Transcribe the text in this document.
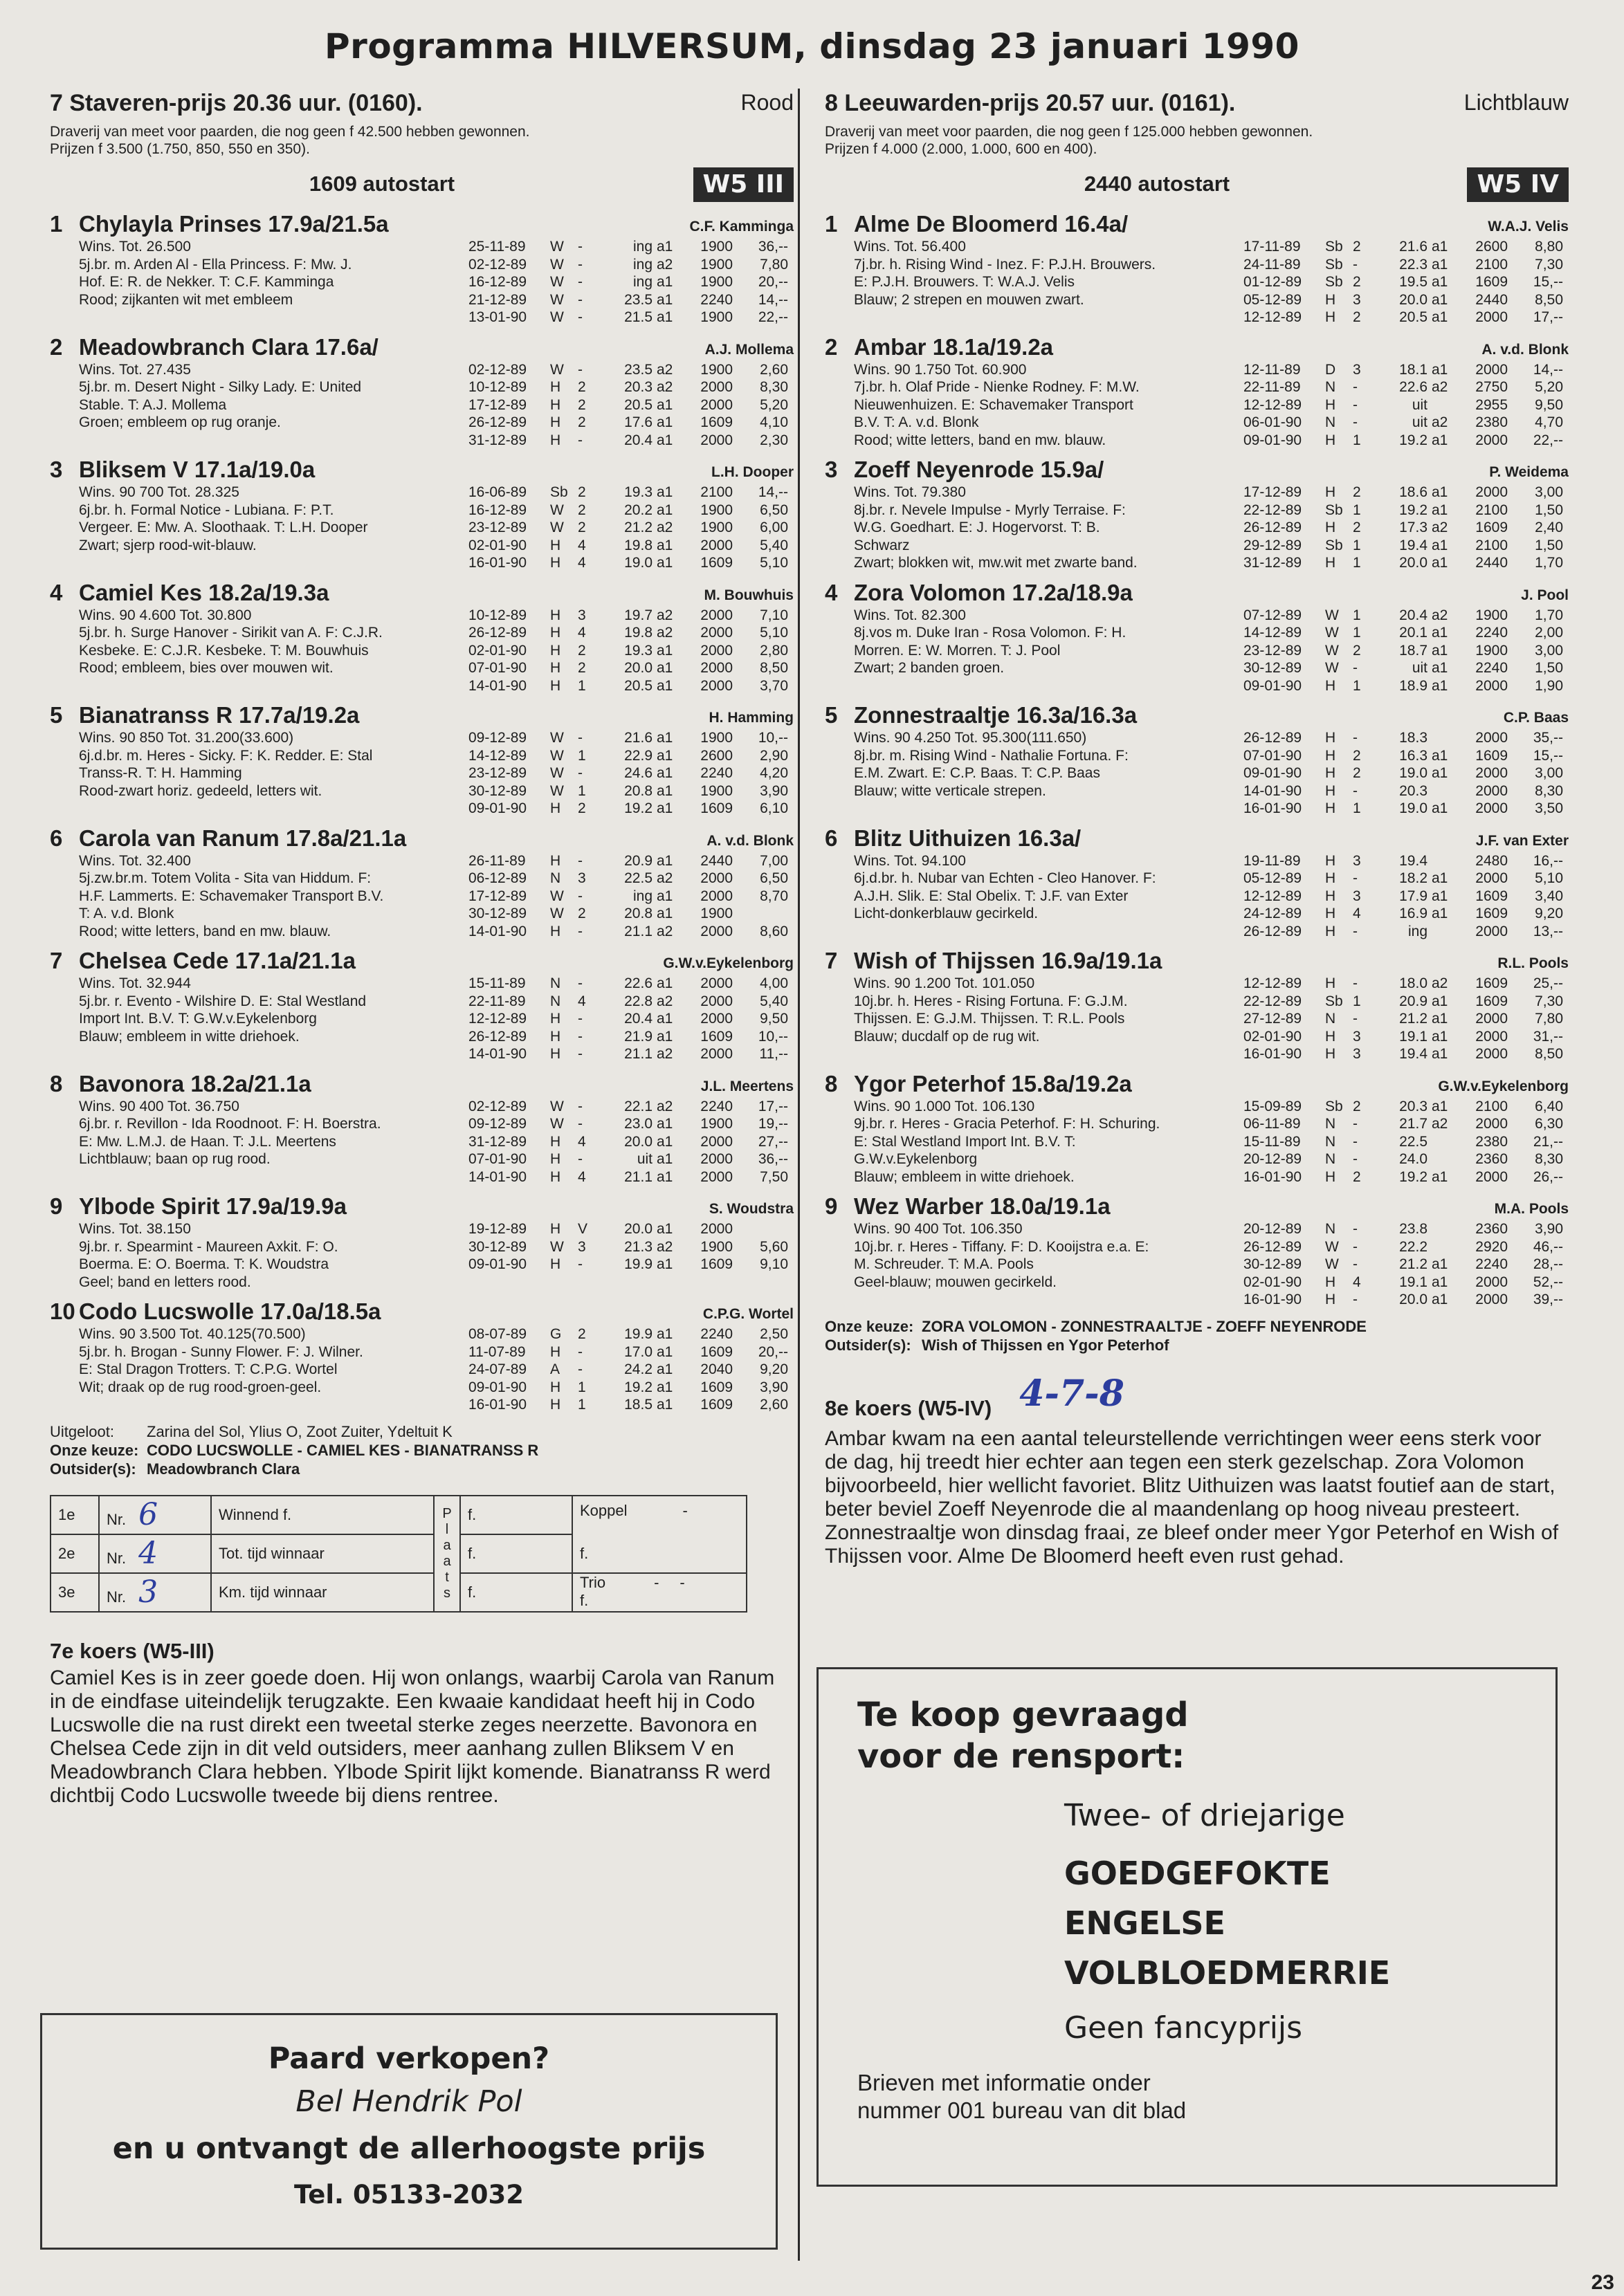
Programma HILVERSUM, dinsdag 23 januari 1990
7 Staveren-prijs 20.36 uur. (0160).	Rood
Draverij van meet voor paarden, die nog geen f 42.500 hebben gewonnen.
Prijzen f 3.500 (1.750, 850, 550 en 350).
1609 autostart	W5 III
1 Chylayla Prinses 17.9a/21.5a	C.F. Kamminga
Wins. Tot. 26.500
5j.br. m. Arden Al - Ella Princess. F: Mw. J.
Hof. E: R. de Nekker. T: C.F. Kamminga
Rood; zijkanten wit met embleem
25-11-89	W -	ing a1	1900	36,--
02-12-89	W -	ing a2	1900	7,80
16-12-89	W -	ing a1	1900	20,--
21-12-89	W -	23.5 a1	2240	14,--
13-01-90	W -	21.5 a1	1900	22,--
2 Meadowbranch Clara 17.6a/	A.J. Mollema
Wins. Tot. 27.435
5j.br. m. Desert Night - Silky Lady. E: United
Stable. T: A.J. Mollema
Groen; embleem op rug oranje.
02-12-89	W -	23.5 a2	1900	2,60
10-12-89	H	2	20.3 a2	2000	8,30
17-12-89	H	2	20.5 a1	2000	5,20
26-12-89	H	2	17.6 a1	1609	4,10
31-12-89	H	-	20.4 a1	2000	2,30
3 Bliksem V 17.1a/19.0a	L.H. Dooper
Wins. 90 700 Tot. 28.325
6j.br. h. Formal Notice - Lubiana. F: P.T.
Vergeer. E: Mw. A. Sloothaak. T: L.H. Dooper
Zwart; sjerp rood-wit-blauw.
16-06-89	Sb 2	19.3 a1	2100	14,--
16-12-89	W 2	20.2 a1	1900	6,50
23-12-89	W 2	21.2 a2	1900	6,00
02-01-90	H	4	19.8 a1	2000	5,40
16-01-90	H	4	19.0 a1	1609	5,10
4 Camiel Kes 18.2a/19.3a	M. Bouwhuis
Wins. 90 4.600 Tot. 30.800
5j.br. h. Surge Hanover - Sirikit van A. F: C.J.R.
Kesbeke. E: C.J.R. Kesbeke. T: M. Bouwhuis
Rood; embleem, bies over mouwen wit.
10-12-89	H	3	19.7 a2	2000	7,10
26-12-89	H	4	19.8 a2	2000	5,10
02-01-90	H	2	19.3 a1	2000	2,80
07-01-90	H	2	20.0 a1	2000	8,50
14-01-90	H	1	20.5 a1	2000	3,70
5 Bianatranss R 17.7a/19.2a	H. Hamming
Wins. 90 850 Tot. 31.200(33.600)
6j.d.br. m. Heres - Sicky. F: K. Redder. E: Stal
Transs-R. T: H. Hamming
Rood-zwart horiz. gedeeld, letters wit.
09-12-89	W -	21.6 a1	1900	10,--
14-12-89	W 1	22.9 a1	2600	2,90
23-12-89	W -	24.6 a1	2240	4,20
30-12-89	W 1	20.8 a1	1900	3,90
09-01-90	H	2	19.2 a1	1609	6,10
6 Carola van Ranum 17.8a/21.1a	A. v.d. Blonk
Wins. Tot. 32.400
5j.zw.br.m. Totem Volita - Sita van Hiddum. F:
H.F. Lammerts. E: Schavemaker Transport B.V.
T: A. v.d. Blonk
Rood; witte letters, band en mw. blauw.
26-11-89	H	-	20.9 a1	2440	7,00
06-12-89	N	3	22.5 a2	2000	6,50
17-12-89	W -	ing a1	2000	8,70
30-12-89	W 2	20.8 a1	1900
14-01-90	H	-	21.1 a2	2000	8,60
7 Chelsea Cede 17.1a/21.1a	G.W.v.Eykelenborg
Wins. Tot. 32.944
5j.br. r. Evento - Wilshire D. E: Stal Westland
Import Int. B.V. T: G.W.v.Eykelenborg
Blauw; embleem in witte driehoek.
15-11-89	N	-	22.6 a1	2000	4,00
22-11-89	N	4	22.8 a2	2000	5,40
12-12-89	H	-	20.4 a1	2000	9,50
26-12-89	H	-	21.9 a1	1609	10,--
14-01-90	H	-	21.1 a2	2000	11,--
8 Bavonora 18.2a/21.1a	J.L. Meertens
Wins. 90 400 Tot. 36.750
6j.br. r. Revillon - Ida Roodnoot. F: H. Boerstra.
E: Mw. L.M.J. de Haan. T: J.L. Meertens
Lichtblauw; baan op rug rood.
02-12-89	W -	22.1 a2	2240	17,--
09-12-89	W -	23.0 a1	1900	19,--
31-12-89	H	4	20.0 a1	2000	27,--
07-01-90	H	-	uit a1	2000	36,--
14-01-90	H	4	21.1 a1	2000	7,50
9 Ylbode Spirit 17.9a/19.9a	S. Woudstra
Wins. Tot. 38.150
9j.br. r. Spearmint - Maureen Axkit. F: O.
Boerma. E: O. Boerma. T: K. Woudstra
Geel; band en letters rood.
19-12-89	H	V	20.0 a1	2000
30-12-89	W 3	21.3 a2	1900	5,60
09-01-90	H	-	19.9 a1	1609	9,10
10 Codo Lucswolle 17.0a/18.5a	C.P.G. Wortel
Wins. 90 3.500 Tot. 40.125(70.500)
5j.br. h. Brogan - Sunny Flower. F: J. Wilner.
E: Stal Dragon Trotters. T: C.P.G. Wortel
Wit; draak op de rug rood-groen-geel.
08-07-89	G	2	19.9 a1	2240	2,50
11-07-89	H	-	17.0 a1	1609	20,--
24-07-89	A	-	24.2 a1	2040	9,20
09-01-90	H	1	19.2 a1	1609	3,90
16-01-90	H	1	18.5 a1	1609	2,60
Uitgeloot: Zarina del Sol, Ylius O, Zoot Zuiter, Ydeltuit K
Onze keuze: CODO LUCSWOLLE - CAMIEL KES - BIANATRANSS R
Outsider(s): Meadowbranch Clara
1e	Nr. 6	Winnend f.	P l a a t s	f.	Koppel -
f.

2e	Nr. 4	Tot. tijd winnaar		f.	
3e	Nr. 3	Km. tijd winnaar		f.	Trio - -
f.
7e koers (W5-III)

Camiel Kes is in zeer goede doen. Hij won onlangs, waarbij Carola van Ranum in de eindfase uiteindelijk terugzakte. Een kwaaie kandidaat heeft hij in Codo Lucswolle die na rust direkt een tweetal sterke zeges neerzette. Bavonora en Chelsea Cede zijn in dit veld outsiders, meer aanhang zullen Bliksem V en Meadowbranch Clara hebben. Ylbode Spirit lijkt komende. Bianatranss R werd dichtbij Codo Lucswolle tweede bij diens rentree.

8 Leeuwarden-prijs 20.57 uur. (0161).	Lichtblauw
Draverij van meet voor paarden, die nog geen f 125.000 hebben gewonnen.
Prijzen f 4.000 (2.000, 1.000, 600 en 400).
2440 autostart	W5 IV
1 Alme De Bloomerd 16.4a/	W.A.J. Velis
Wins. Tot. 56.400
7j.br. h. Rising Wind - Inez. F: P.J.H. Brouwers.
E: P.J.H. Brouwers. T: W.A.J. Velis
Blauw; 2 strepen en mouwen zwart.
17-11-89	Sb 2	21.6 a1	2600	8,80
24-11-89	Sb -	22.3 a1	2100	7,30
01-12-89	Sb 2	19.5 a1	1609	15,--
05-12-89	H	3	20.0 a1	2440	8,50
12-12-89	H	2	20.5 a1	2000	17,--
2 Ambar 18.1a/19.2a	A. v.d. Blonk
Wins. 90 1.750 Tot. 60.900
7j.br. h. Olaf Pride - Nienke Rodney. F: M.W.
Nieuwenhuizen. E: Schavemaker Transport
B.V. T: A. v.d. Blonk
Rood; witte letters, band en mw. blauw.
12-11-89	D	3	18.1 a1	2000	14,--
22-11-89	N	-	22.6 a2	2750	5,20
12-12-89	H	-	uit	2955	9,50
06-01-90	N	-	uit a2	2380	4,70
09-01-90	H	1	19.2 a1	2000	22,--
3 Zoeff Neyenrode 15.9a/	P. Weidema
Wins. Tot. 79.380
8j.br. r. Nevele Impulse - Myrly Terraise. F:
W.G. Goedhart. E: J. Hogervorst. T: B.
Schwarz
Zwart; blokken wit, mw.wit met zwarte band.
17-12-89	H	2	18.6 a1	2000	3,00
22-12-89	Sb 1	19.2 a1	2100	1,50
26-12-89	H	2	17.3 a2	1609	2,40
29-12-89	Sb 1	19.4 a1	2100	1,50
31-12-89	H	1	20.0 a1	2440	1,70
4 Zora Volomon 17.2a/18.9a	J. Pool
Wins. Tot. 82.300
8j.vos m. Duke Iran - Rosa Volomon. F: H.
Morren. E: W. Morren. T: J. Pool
Zwart; 2 banden groen.
07-12-89	W 1	20.4 a2	1900	1,70
14-12-89	W 1	20.1 a1	2240	2,00
23-12-89	W 2	18.7 a1	1900	3,00
30-12-89	W -	uit a1	2240	1,50
09-01-90	H	1	18.9 a1	2000	1,90
5 Zonnestraaltje 16.3a/16.3a	C.P. Baas
Wins. 90 4.250 Tot. 95.300(111.650)
8j.br. m. Rising Wind - Nathalie Fortuna. F:
E.M. Zwart. E: C.P. Baas. T: C.P. Baas
Blauw; witte verticale strepen.
26-12-89	H	-	18.3	2000	35,--
07-01-90	H	2	16.3 a1	1609	15,--
09-01-90	H	2	19.0 a1	2000	3,00
14-01-90	H	-	20.3	2000	8,30
16-01-90	H	1	19.0 a1	2000	3,50
6 Blitz Uithuizen 16.3a/	J.F. van Exter
Wins. Tot. 94.100
6j.d.br. h. Nubar van Echten - Cleo Hanover. F:
A.J.H. Slik. E: Stal Obelix. T: J.F. van Exter
Licht-donkerblauw gecirkeld.
19-11-89	H	3	19.4	2480	16,--
05-12-89	H	-	18.2 a1	2000	5,10
12-12-89	H	3	17.9 a1	1609	3,40
24-12-89	H	4	16.9 a1	1609	9,20
26-12-89	H	-	ing	2000	13,--
7 Wish of Thijssen 16.9a/19.1a	R.L. Pools
Wins. 90 1.200 Tot. 101.050
10j.br. h. Heres - Rising Fortuna. F: G.J.M.
Thijssen. E: G.J.M. Thijssen. T: R.L. Pools
Blauw; ducdalf op de rug wit.
12-12-89	H	-	18.0 a2	1609	25,--
22-12-89	Sb 1	20.9 a1	1609	7,30
27-12-89	N	-	21.2 a1	2000	7,80
02-01-90	H	3	19.1 a1	2000	31,--
16-01-90	H	3	19.4 a1	2000	8,50
8 Ygor Peterhof 15.8a/19.2a	G.W.v.Eykelenborg
Wins. 90 1.000 Tot. 106.130
9j.br. r. Heres - Gracia Peterhof. F: H. Schuring.
E: Stal Westland Import Int. B.V. T:
G.W.v.Eykelenborg
Blauw; embleem in witte driehoek.
15-09-89	Sb 2	20.3 a1	2100	6,40
06-11-89	N	-	21.7 a2	2000	6,30
15-11-89	N	-	22.5	2380	21,--
20-12-89	N	-	24.0	2360	8,30
16-01-90	H	2	19.2 a1	2000	26,--
9 Wez Warber 18.0a/19.1a	M.A. Pools
Wins. 90 400 Tot. 106.350
10j.br. r. Heres - Tiffany. F: D. Kooijstra e.a. E:
M. Schreuder. T: M.A. Pools
Geel-blauw; mouwen gecirkeld.
20-12-89	N	-	23.8	2360	3,90
26-12-89	W -	22.2	2920	46,--
30-12-89	W -	21.2 a1	2240	28,--
02-01-90	H	4	19.1 a1	2000	52,--
16-01-90	H	-	20.0 a1	2000	39,--
Onze keuze: ZORA VOLOMON - ZONNESTRAALTJE - ZOEFF NEYENRODE
Outsider(s): Wish of Thijssen en Ygor Peterhof
8e koers (W5-IV) 4-7-8

Ambar kwam na een aantal teleurstellende verrichtingen weer eens sterk voor de dag, hij treedt hier echter aan tegen een sterk gezelschap. Zora Volomon bijvoorbeeld, hier wellicht favoriet. Blitz Uithuizen was laatst foutief aan de start, beter beviel Zoeff Neyenrode die al maandenlang op hoog niveau presteert. Zonnestraaltje won dinsdag fraai, ze bleef onder meer Ygor Peterhof en Wish of Thijssen voor. Alme De Bloomerd heeft even rust gehad.

Paard verkopen?
Bel Hendrik Pol
en u ontvangt de allerhoogste prijs
Tel. 05133-2032
Te koop gevraagd
voor de rensport:
Twee- of driejarige
GOEDGEFOKTE
ENGELSE
VOLBLOEDMERRIE
Geen fancyprijs
Brieven met informatie onder
nummer 001 bureau van dit blad
23
